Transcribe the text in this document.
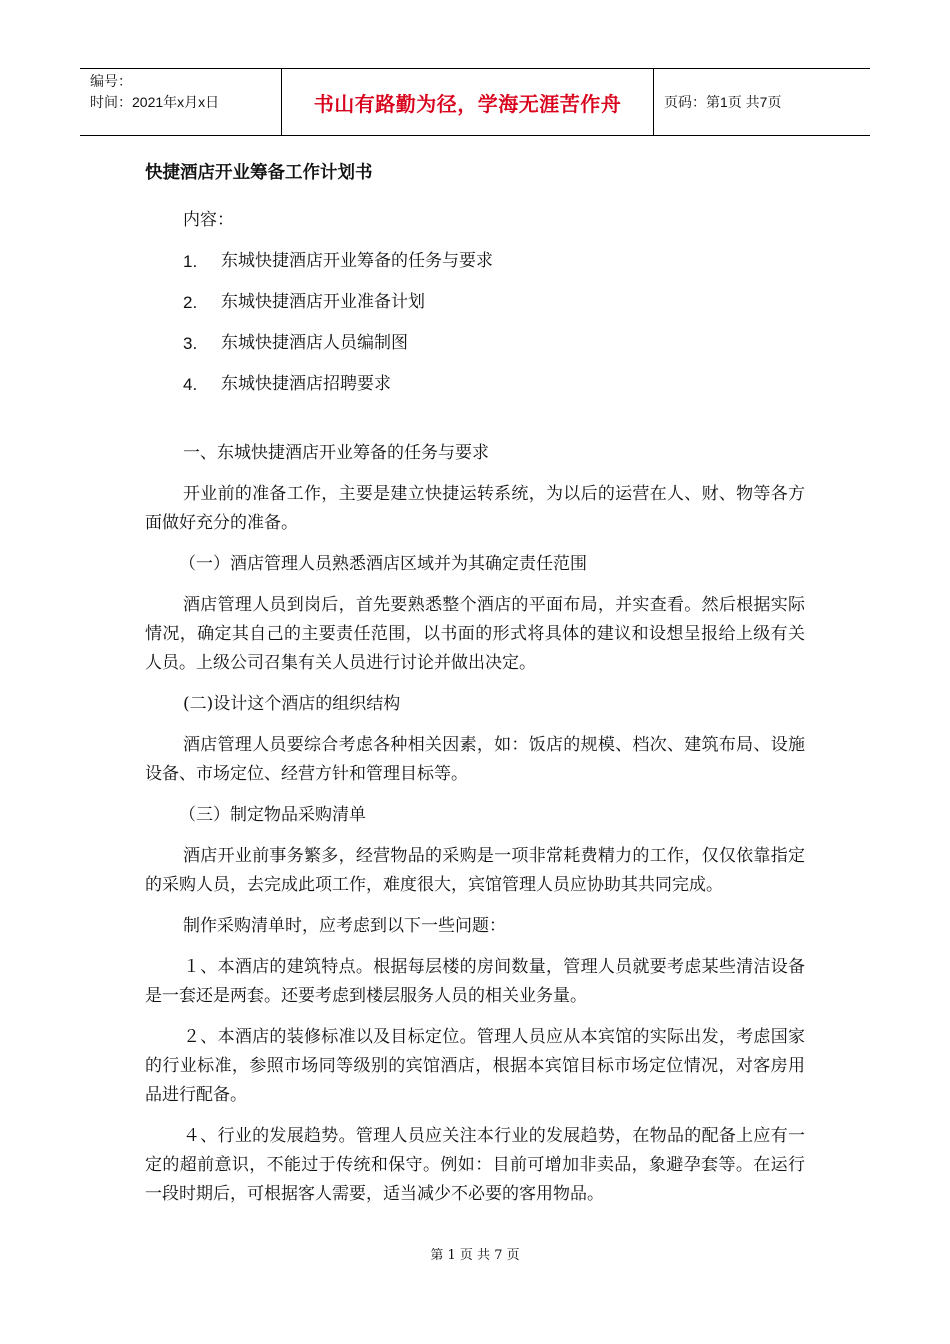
编号：
时间：2021年x月x日	书山有路勤为径，学海无涯苦作舟	页码：第1页 共7页
快捷酒店开业筹备工作计划书
内容：
1.	东城快捷酒店开业筹备的任务与要求
2.	东城快捷酒店开业准备计划
3.	东城快捷酒店人员编制图
4.	东城快捷酒店招聘要求
一、东城快捷酒店开业筹备的任务与要求
开业前的准备工作，主要是建立快捷运转系统，为以后的运营在人、财、物等各方面做好充分的准备。
（一）酒店管理人员熟悉酒店区域并为其确定责任范围
酒店管理人员到岗后，首先要熟悉整个酒店的平面布局，并实查看。然后根据实际情况，确定其自己的主要责任范围，以书面的形式将具体的建议和设想呈报给上级有关人员。上级公司召集有关人员进行讨论并做出决定。
(二)设计这个酒店的组织结构
酒店管理人员要综合考虑各种相关因素，如：饭店的规模、档次、建筑布局、设施设备、市场定位、经营方针和管理目标等。
（三）制定物品采购清单
酒店开业前事务繁多，经营物品的采购是一项非常耗费精力的工作，仅仅依靠指定的采购人员，去完成此项工作，难度很大，宾馆管理人员应协助其共同完成。
制作采购清单时，应考虑到以下一些问题：
１、本酒店的建筑特点。根据每层楼的房间数量，管理人员就要考虑某些清洁设备是一套还是两套。还要考虑到楼层服务人员的相关业务量。
２、本酒店的装修标准以及目标定位。管理人员应从本宾馆的实际出发，考虑国家的行业标准，参照市场同等级别的宾馆酒店，根据本宾馆目标市场定位情况，对客房用品进行配备。
４、行业的发展趋势。管理人员应关注本行业的发展趋势，在物品的配备上应有一定的超前意识，不能过于传统和保守。例如：目前可增加非卖品，象避孕套等。在运行一段时期后，可根据客人需要，适当减少不必要的客用物品。
第 1 页 共 7 页
